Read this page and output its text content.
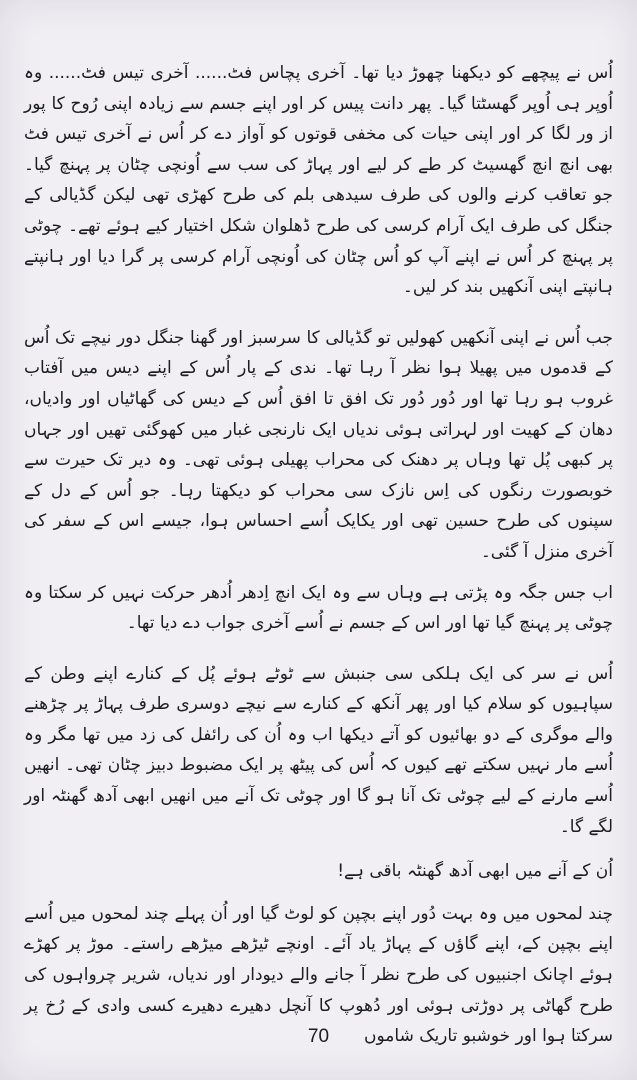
اُس نے پیچھے کو دیکھنا چھوڑ دیا تھا۔ آخری پچاس فٹ...... آخری تیس فٹ...... وہ اُوپر ہی اُوپر گھسٹتا گیا۔ پھر دانت پیس کر اور اپنے جسم سے زیادہ اپنی رُوح کا پور از ور لگا کر اور اپنی حیات کی مخفی قوتوں کو آواز دے کر اُس نے آخری تیس فٹ بھی انچ انچ گھسیٹ کر طے کر لیے اور پہاڑ کی سب سے اُونچی چٹان پر پہنچ گیا۔ جو تعاقب کرنے والوں کی طرف سیدھی بلم کی طرح کھڑی تھی لیکن گڈیالی کے جنگل کی طرف ایک آرام کرسی کی طرح ڈھلوان شکل اختیار کیے ہوئے تھے۔ چوٹی پر پہنچ کر اُس نے اپنے آپ کو اُس چٹان کی اُونچی آرام کرسی پر گرا دیا اور ہانپتے ہانپتے اپنی آنکھیں بند کر لیں۔

جب اُس نے اپنی آنکھیں کھولیں تو گڈیالی کا سرسبز اور گھنا جنگل دور نیچے تک اُس کے قدموں میں پھیلا ہوا نظر آ رہا تھا۔ ندی کے پار اُس کے اپنے دیس میں آفتاب غروب ہو رہا تھا اور دُور دُور تک افق تا افق اُس کے دیس کی گھاٹیاں اور وادیاں، دھان کے کھیت اور لہراتی ہوئی ندیاں ایک نارنجی غبار میں کھوگئی تھیں اور جہاں پر کبھی پُل تھا وہاں پر دھنک کی محراب پھیلی ہوئی تھی۔ وہ دیر تک حیرت سے خوبصورت رنگوں کی اِس نازک سی محراب کو دیکھتا رہا۔ جو اُس کے دل کے سپنوں کی طرح حسین تھی اور یکایک اُسے احساس ہوا، جیسے اس کے سفر کی آخری منزل آ گئی۔

اب جس جگہ وہ پڑتی ہے وہاں سے وہ ایک انچ اِدھر اُدھر حرکت نہیں کر سکتا وہ چوٹی پر پہنچ گیا تھا اور اس کے جسم نے اُسے آخری جواب دے دیا تھا۔

اُس نے سر کی ایک ہلکی سی جنبش سے ٹوٹے ہوئے پُل کے کنارے اپنے وطن کے سپاہیوں کو سلام کیا اور پھر آنکھ کے کنارے سے نیچے دوسری طرف پہاڑ پر چڑھنے والے موگری کے دو بھائیوں کو آتے دیکھا اب وہ اُن کی رائفل کی زد میں تھا مگر وہ اُسے مار نہیں سکتے تھے کیوں کہ اُس کی پیٹھ پر ایک مضبوط دبیز چٹان تھی۔ انھیں اُسے مارنے کے لیے چوٹی تک آنا ہو گا اور چوٹی تک آنے میں انھیں ابھی آدھ گھنٹہ اور لگے گا۔

اُن کے آنے میں ابھی آدھ گھنٹہ باقی ہے!

چند لمحوں میں وہ بہت دُور اپنے بچپن کو لوٹ گیا اور اُن پہلے چند لمحوں میں اُسے اپنے بچپن کے، اپنے گاؤں کے پہاڑ یاد آئے۔ اونچے ٹیڑھے میڑھے راستے۔ موڑ پر کھڑے ہوئے اچانک اجنبیوں کی طرح نظر آ جانے والے دیودار اور ندیاں، شریر چرواہوں کی طرح گھاٹی پر دوڑتی ہوئی اور دُھوپ کا آنچل دھیرے دھیرے کسی وادی کے رُخ پر سرکتا ہوا اور خوشبو تاریک شاموں

70
